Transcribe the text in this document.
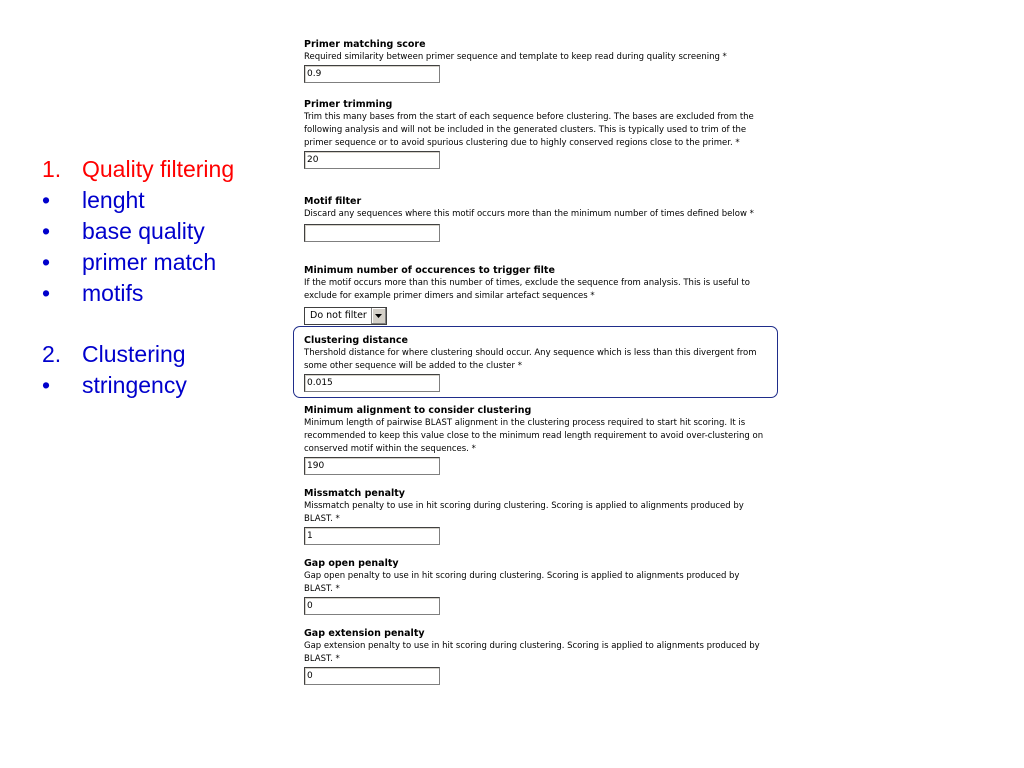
1. Quality filtering
•	lenght
•	base quality
•	primer match
•	motifs
2. Clustering
•	stringency
Primer matching score
Required similarity between primer sequence and template to keep read during quality screening *
0.9
Primer trimming
Trim this many bases from the start of each sequence before clustering. The bases are excluded from the following analysis and will not be included in the generated clusters. This is typically used to trim of the primer sequence or to avoid spurious clustering due to highly conserved regions close to the primer. *
20
Motif filter
Discard any sequences where this motif occurs more than the minimum number of times defined below *
Minimum number of occurences to trigger filte
If the motif occurs more than this number of times, exclude the sequence from analysis. This is useful to exclude for example primer dimers and similar artefact sequences *
Do not filter
Clustering distance
Thershold distance for where clustering should occur. Any sequence which is less than this divergent from some other sequence will be added to the cluster *
0.015
Minimum alignment to consider clustering
Minimum length of pairwise BLAST alignment in the clustering process required to start hit scoring. It is recommended to keep this value close to the minimum read length requirement to avoid over-clustering on conserved motif within the sequences. *
190
Missmatch penalty
Missmatch penalty to use in hit scoring during clustering. Scoring is applied to alignments produced by BLAST. *
1
Gap open penalty
Gap open penalty to use in hit scoring during clustering. Scoring is applied to alignments produced by BLAST. *
0
Gap extension penalty
Gap extension penalty to use in hit scoring during clustering. Scoring is applied to alignments produced by BLAST. *
0
